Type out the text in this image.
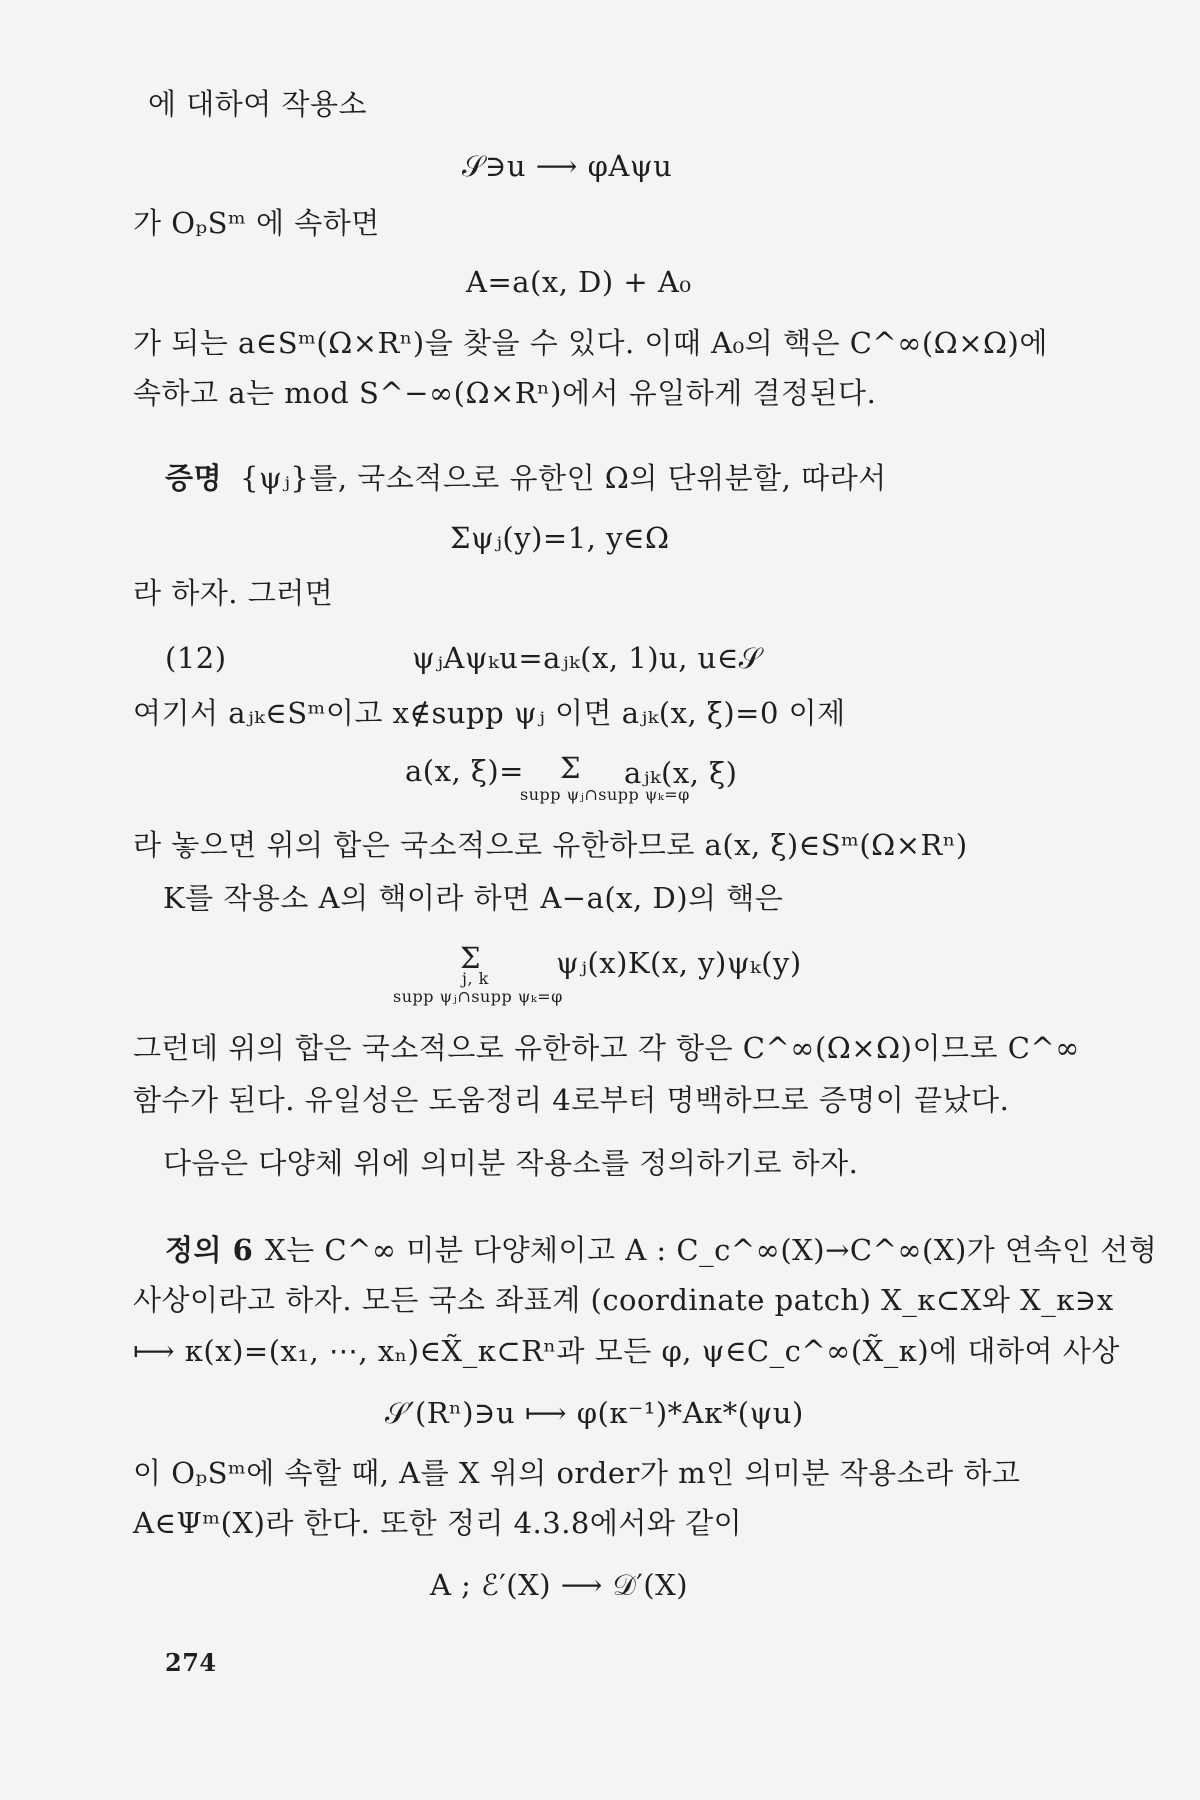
에 대하여 작용소
𝒮∋u ⟶ φAψu
가 OₚSᵐ 에 속하면
A=a(x, D) + A₀
가 되는 a∈Sᵐ(Ω×Rⁿ)을 찾을 수 있다. 이때 A₀의 핵은 C^∞(Ω×Ω)에
속하고 a는 mod S^−∞(Ω×Rⁿ)에서 유일하게 결정된다.
증명 {ψⱼ}를, 국소적으로 유한인 Ω의 단위분할, 따라서
Σψⱼ(y)=1, y∈Ω
라 하자. 그러면
(12)	ψⱼAψₖu=aⱼₖ(x, 1)u, u∈𝒮
여기서 aⱼₖ∈Sᵐ이고 x∉supp ψⱼ 이면 aⱼₖ(x, ξ)=0 이제
a(x, ξ)= Σ aⱼₖ(x, ξ)
supp ψⱼ∩supp ψₖ=φ
라 놓으면 위의 합은 국소적으로 유한하므로 a(x, ξ)∈Sᵐ(Ω×Rⁿ)
K를 작용소 A의 핵이라 하면 A−a(x, D)의 핵은
Σ
j, k
supp ψⱼ∩supp ψₖ=φ
ψⱼ(x)K(x, y)ψₖ(y)
그런데 위의 합은 국소적으로 유한하고 각 항은 C^∞(Ω×Ω)이므로 C^∞
함수가 된다. 유일성은 도움정리 4로부터 명백하므로 증명이 끝났다.
다음은 다양체 위에 의미분 작용소를 정의하기로 하자.
정의 6 X는 C^∞ 미분 다양체이고 A : C_c^∞(X)→C^∞(X)가 연속인 선형
사상이라고 하자. 모든 국소 좌표계 (coordinate patch) X_κ⊂X와 X_κ∋x
⟼ κ(x)=(x₁, ⋯, xₙ)∈X̃_κ⊂Rⁿ과 모든 φ, ψ∈C_c^∞(X̃_κ)에 대하여 사상
𝒮′(Rⁿ)∋u ⟼ φ(κ⁻¹)*Aκ*(ψu)
이 OₚSᵐ에 속할 때, A를 X 위의 order가 m인 의미분 작용소라 하고
A∈Ψᵐ(X)라 한다. 또한 정리 4.3.8에서와 같이
A ; ℰ′(X) ⟶ 𝒟′(X)
274
